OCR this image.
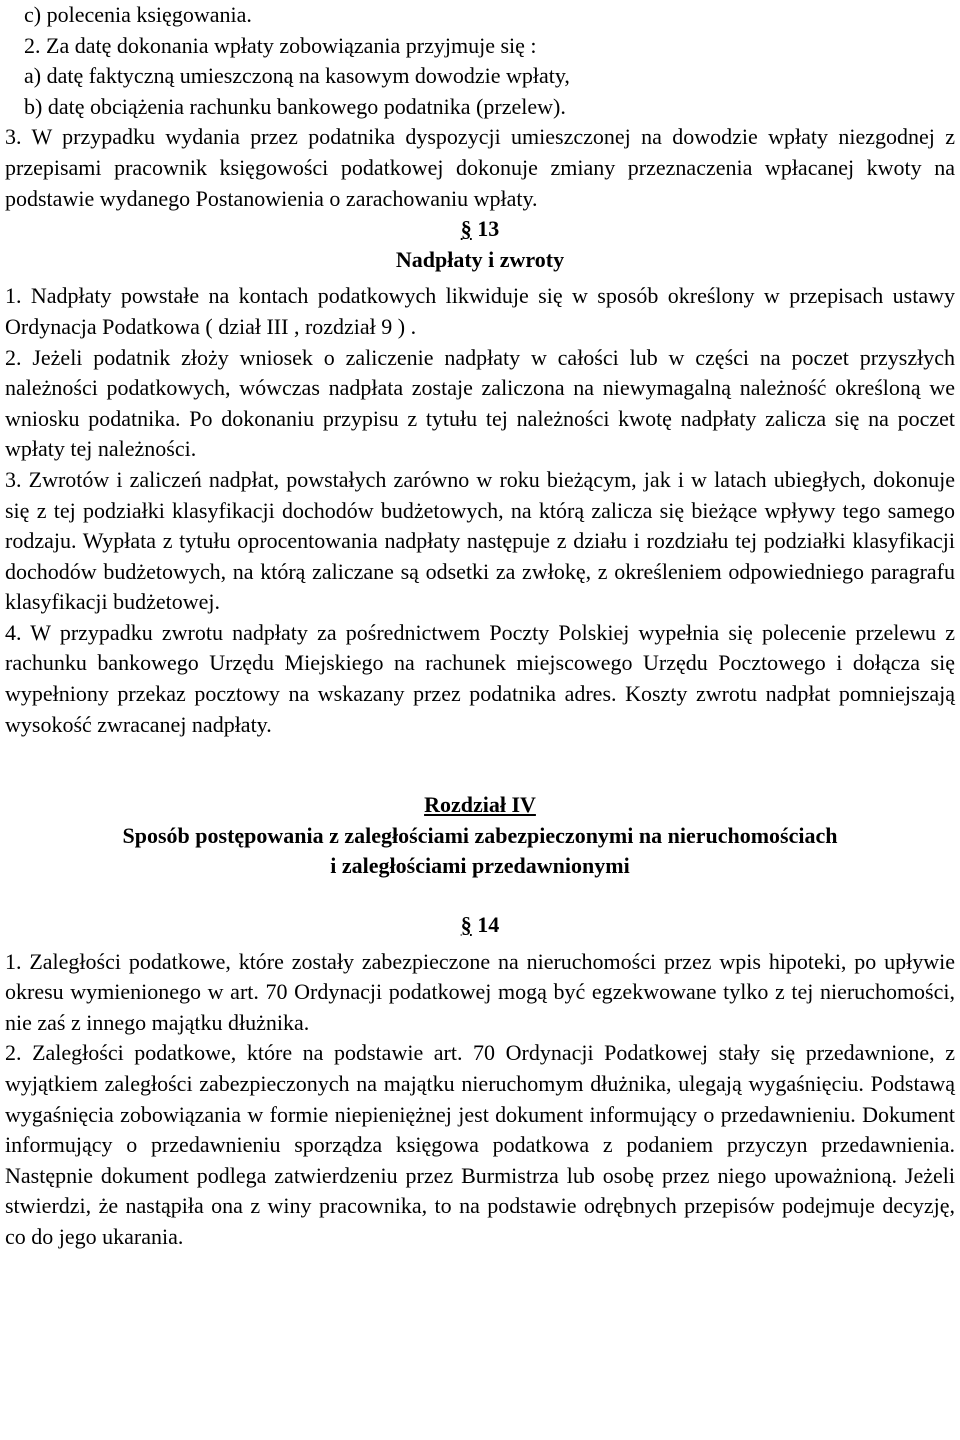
c) polecenia księgowania.

2. Za datę dokonania wpłaty zobowiązania przyjmuje się :

a) datę faktyczną umieszczoną na kasowym dowodzie wpłaty,

b) datę obciążenia rachunku bankowego podatnika (przelew).

3. W przypadku wydania przez podatnika dyspozycji umieszczonej na dowodzie wpłaty niezgodnej z przepisami pracownik księgowości podatkowej dokonuje zmiany przeznaczenia wpłacanej kwoty na podstawie wydanego Postanowienia o zarachowaniu wpłaty.

§ 13

Nadpłaty i zwroty

1. Nadpłaty powstałe na kontach podatkowych likwiduje się w sposób określony w przepisach ustawy Ordynacja Podatkowa ( dział III , rozdział 9 ) .

2. Jeżeli podatnik złoży wniosek o zaliczenie nadpłaty w całości lub w części na poczet przyszłych należności podatkowych, wówczas nadpłata zostaje zaliczona na niewymagalną należność określoną we wniosku podatnika. Po dokonaniu przypisu z tytułu tej należności kwotę nadpłaty zalicza się na poczet wpłaty tej należności.

3. Zwrotów i zaliczeń nadpłat, powstałych zarówno w roku bieżącym, jak i w latach ubiegłych, dokonuje się z tej podziałki klasyfikacji dochodów budżetowych, na którą zalicza się bieżące wpływy tego samego rodzaju. Wypłata z tytułu oprocentowania nadpłaty następuje z działu i rozdziału tej podziałki klasyfikacji dochodów budżetowych, na którą zaliczane są odsetki za zwłokę, z określeniem odpowiedniego paragrafu klasyfikacji budżetowej.

4. W przypadku zwrotu nadpłaty za pośrednictwem Poczty Polskiej wypełnia się polecenie przelewu z rachunku bankowego Urzędu Miejskiego na rachunek miejscowego Urzędu Pocztowego i dołącza się wypełniony przekaz pocztowy na wskazany przez podatnika adres. Koszty zwrotu nadpłat pomniejszają wysokość zwracanej nadpłaty.

Rozdział IV

Sposób postępowania z zaległościami zabezpieczonymi na nieruchomościach

i zaległościami przedawnionymi

§ 14

1. Zaległości podatkowe, które zostały zabezpieczone na nieruchomości przez wpis hipoteki, po upływie okresu wymienionego w art. 70 Ordynacji podatkowej mogą być egzekwowane tylko z tej nieruchomości, nie zaś z innego majątku dłużnika.

2. Zaległości podatkowe, które na podstawie art. 70 Ordynacji Podatkowej stały się przedawnione, z wyjątkiem zaległości zabezpieczonych na majątku nieruchomym dłużnika, ulegają wygaśnięciu. Podstawą wygaśnięcia zobowiązania w formie niepieniężnej jest dokument informujący o przedawnieniu. Dokument informujący o przedawnieniu sporządza księgowa podatkowa z podaniem przyczyn przedawnienia. Następnie dokument podlega zatwierdzeniu przez Burmistrza lub osobę przez niego upoważnioną. Jeżeli stwierdzi, że nastąpiła ona z winy pracownika, to na podstawie odrębnych przepisów podejmuje decyzję, co do jego ukarania.
